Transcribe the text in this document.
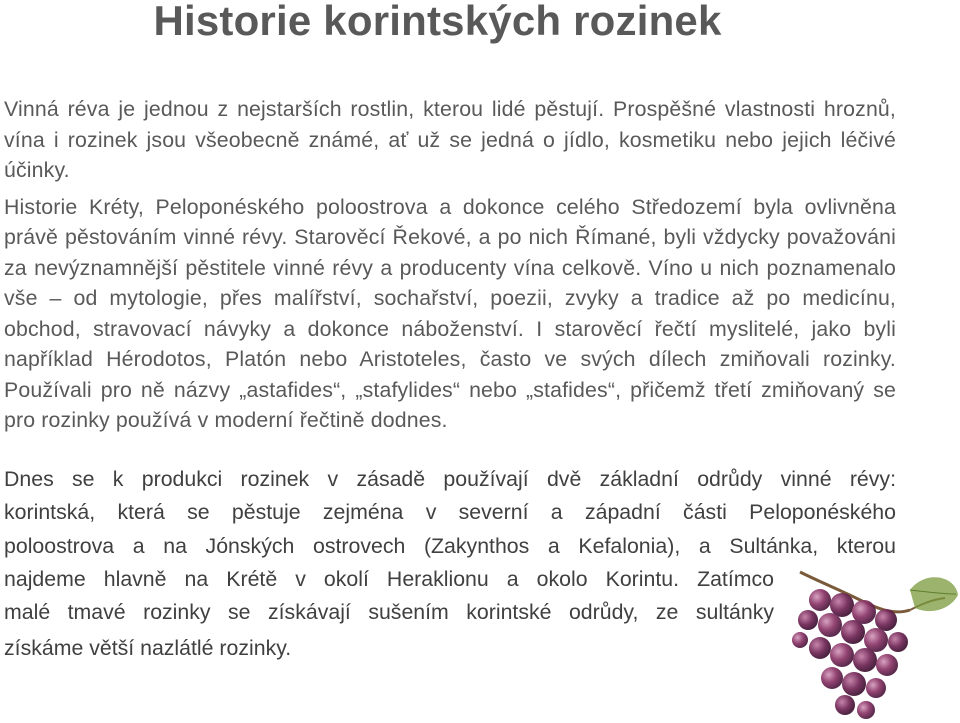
Historie korintských rozinek

Vinná réva je jednou z nejstarších rostlin, kterou lidé pěstují. Prospěšné vlastnosti hroznů, vína i rozinek jsou všeobecně známé, ať už se jedná o jídlo, kosmetiku nebo jejich léčivé účinky.

Historie Kréty, Peloponéského poloostrova a dokonce celého Středozemí byla ovlivněna právě pěstováním vinné révy. Starověcí Řekové, a po nich Římané, byli vždycky považováni za nevýznamnější pěstitele vinné révy a producenty vína celkově. Víno u nich poznamenalo vše – od mytologie, přes malířství, sochařství, poezii, zvyky a tradice až po medicínu, obchod, stravovací návyky a dokonce náboženství. I starověcí řečtí myslitelé, jako byli například Hérodotos, Platón nebo Aristoteles, často ve svých dílech zmiňovali rozinky. Používali pro ně názvy „astafides“, „stafylides“ nebo „stafides“, přičemž třetí zmiňovaný se pro rozinky používá v moderní řečtině dodnes.

Dnes se k produkci rozinek v zásadě používají dvě základní odrůdy vinné révy:
korintská, která se pěstuje zejména v severní a západní části Peloponéského
poloostrova a na Jónských ostrovech (Zakynthos a Kefalonia), a Sultánka, kterou
najdeme hlavně na Krétě v okolí Heraklionu a okolo Korintu. Zatímco
malé tmavé rozinky se získávají sušením korintské odrůdy, ze sultánky
získáme větší nazlátlé rozinky.
